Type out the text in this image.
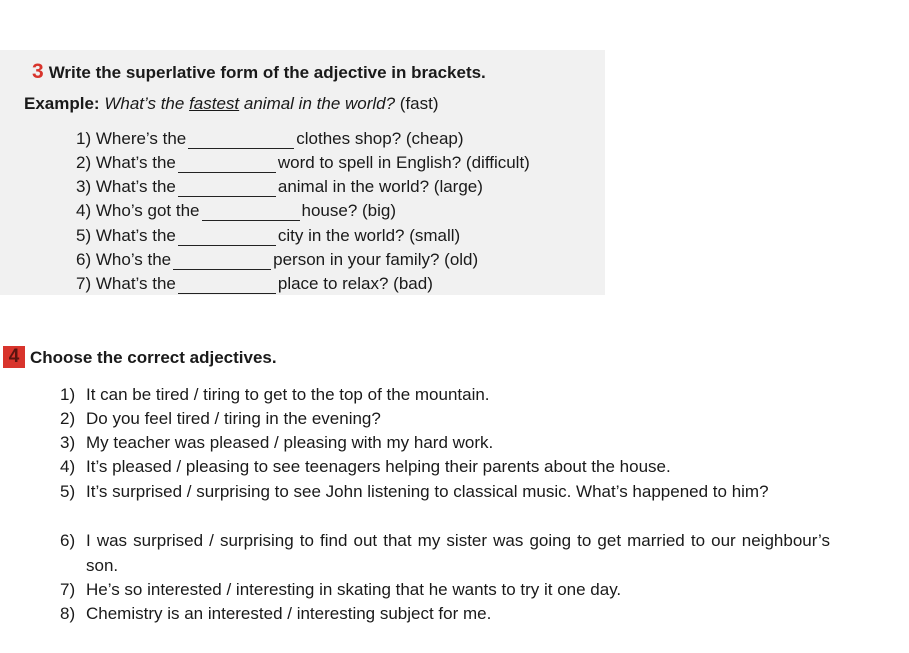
3 Write the superlative form of the adjective in brackets.
Example: What’s the fastest animal in the world? (fast)
1)
Where’s the	clothes shop? (cheap)
2)
What’s the	word to spell in English? (difficult)
3)
What’s the	animal in the world? (large)
4)
Who’s got the	house? (big)
5)
What’s the	city in the world? (small)
6)
Who’s the	person in your family? (old)
7)
What’s the	place to relax? (bad)
4 Choose the correct adjectives.
1) It can be tired / tiring to get to the top of the mountain.
2) Do you feel tired / tiring in the evening?
3) My teacher was pleased / pleasing with my hard work.
4) It’s pleased / pleasing to see teenagers helping their parents about the house.
5) It’s surprised / surprising to see John listening to classical music. What’s happened to him?
6) I was surprised / surprising to find out that my sister was going to get married to our neighbour’s son.
7) He’s so interested / interesting in skating that he wants to try it one day.
8) Chemistry is an interested / interesting subject for me.
